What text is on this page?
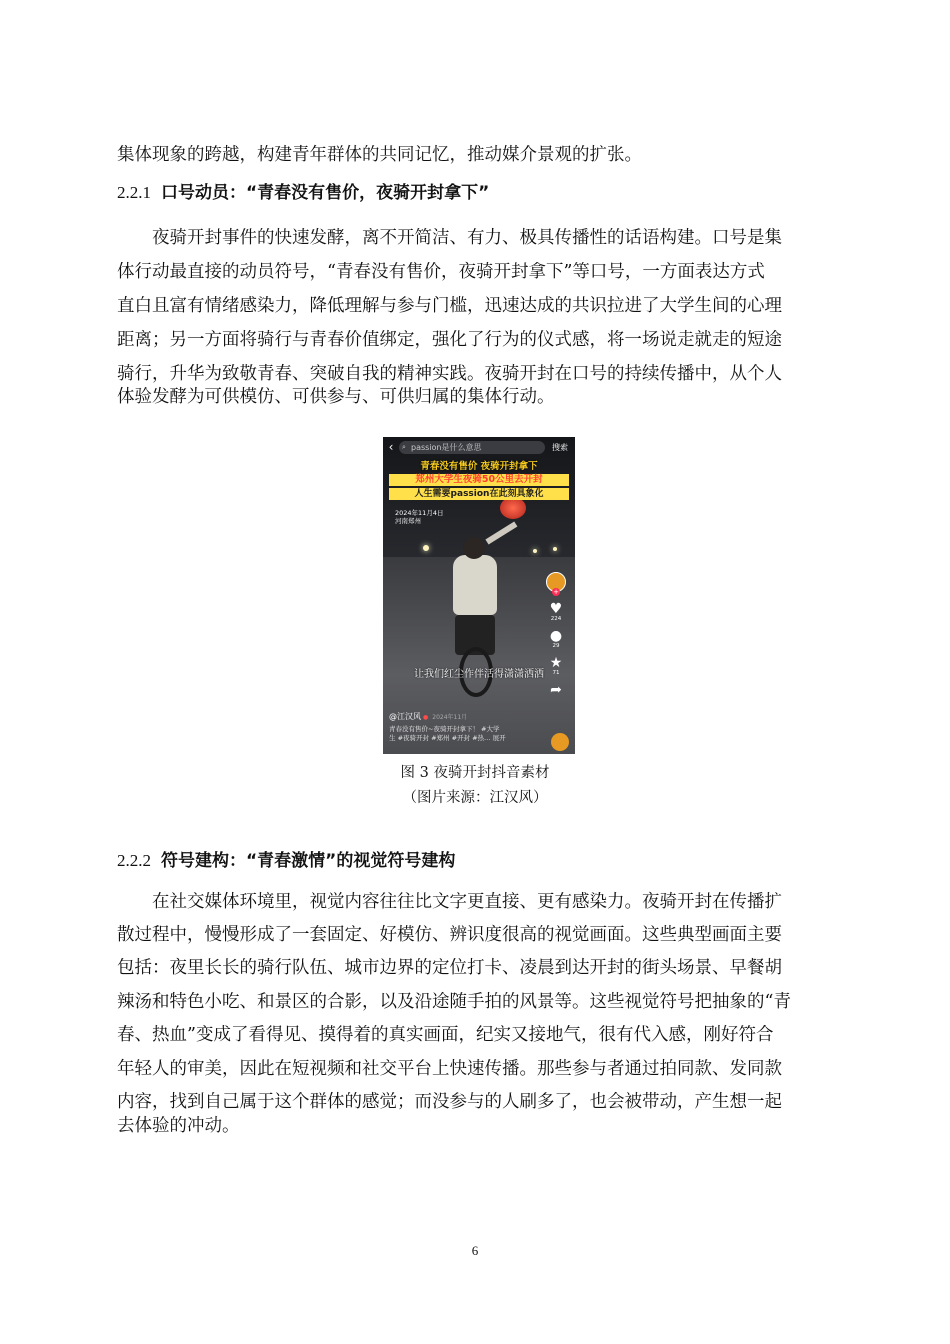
集体现象的跨越，构建青年群体的共同记忆，推动媒介景观的扩张。
2.2.1 口号动员：“青春没有售价，夜骑开封拿下”
夜骑开封事件的快速发酵，离不开简洁、有力、极具传播性的话语构建。口号是集
体行动最直接的动员符号，“青春没有售价，夜骑开封拿下”等口号，一方面表达方式
直白且富有情绪感染力，降低理解与参与门槛，迅速达成的共识拉进了大学生间的心理
距离；另一方面将骑行与青春价值绑定，强化了行为的仪式感，将一场说走就走的短途
骑行，升华为致敬青春、突破自我的精神实践。夜骑开封在口号的持续传播中，从个人
体验发酵为可供模仿、可供参与、可供归属的集体行动。
‹	⌕ passion是什么意思	搜索
青春没有售价 夜骑开封拿下
郑州大学生夜骑50公里去开封
人生需要passion在此刻具象化
2024年11月4日
河南郑州
+
♥
224
●
29
★
71
➦
让我们红尘作伴活得潇潇洒洒
@江汉风 ● 2024年11月
青春没有售价~夜骑开封拿下！ #大学
生 #夜骑开封 #郑州 #开封 #热… 展开
图 3 夜骑开封抖音素材
（图片来源：江汉风）
2.2.2 符号建构：“青春激情”的视觉符号建构
在社交媒体环境里，视觉内容往往比文字更直接、更有感染力。夜骑开封在传播扩
散过程中，慢慢形成了一套固定、好模仿、辨识度很高的视觉画面。这些典型画面主要
包括：夜里长长的骑行队伍、城市边界的定位打卡、凌晨到达开封的街头场景、早餐胡
辣汤和特色小吃、和景区的合影，以及沿途随手拍的风景等。这些视觉符号把抽象的“青
春、热血”变成了看得见、摸得着的真实画面，纪实又接地气，很有代入感，刚好符合
年轻人的审美，因此在短视频和社交平台上快速传播。那些参与者通过拍同款、发同款
内容，找到自己属于这个群体的感觉；而没参与的人刷多了，也会被带动，产生想一起
去体验的冲动。
6
